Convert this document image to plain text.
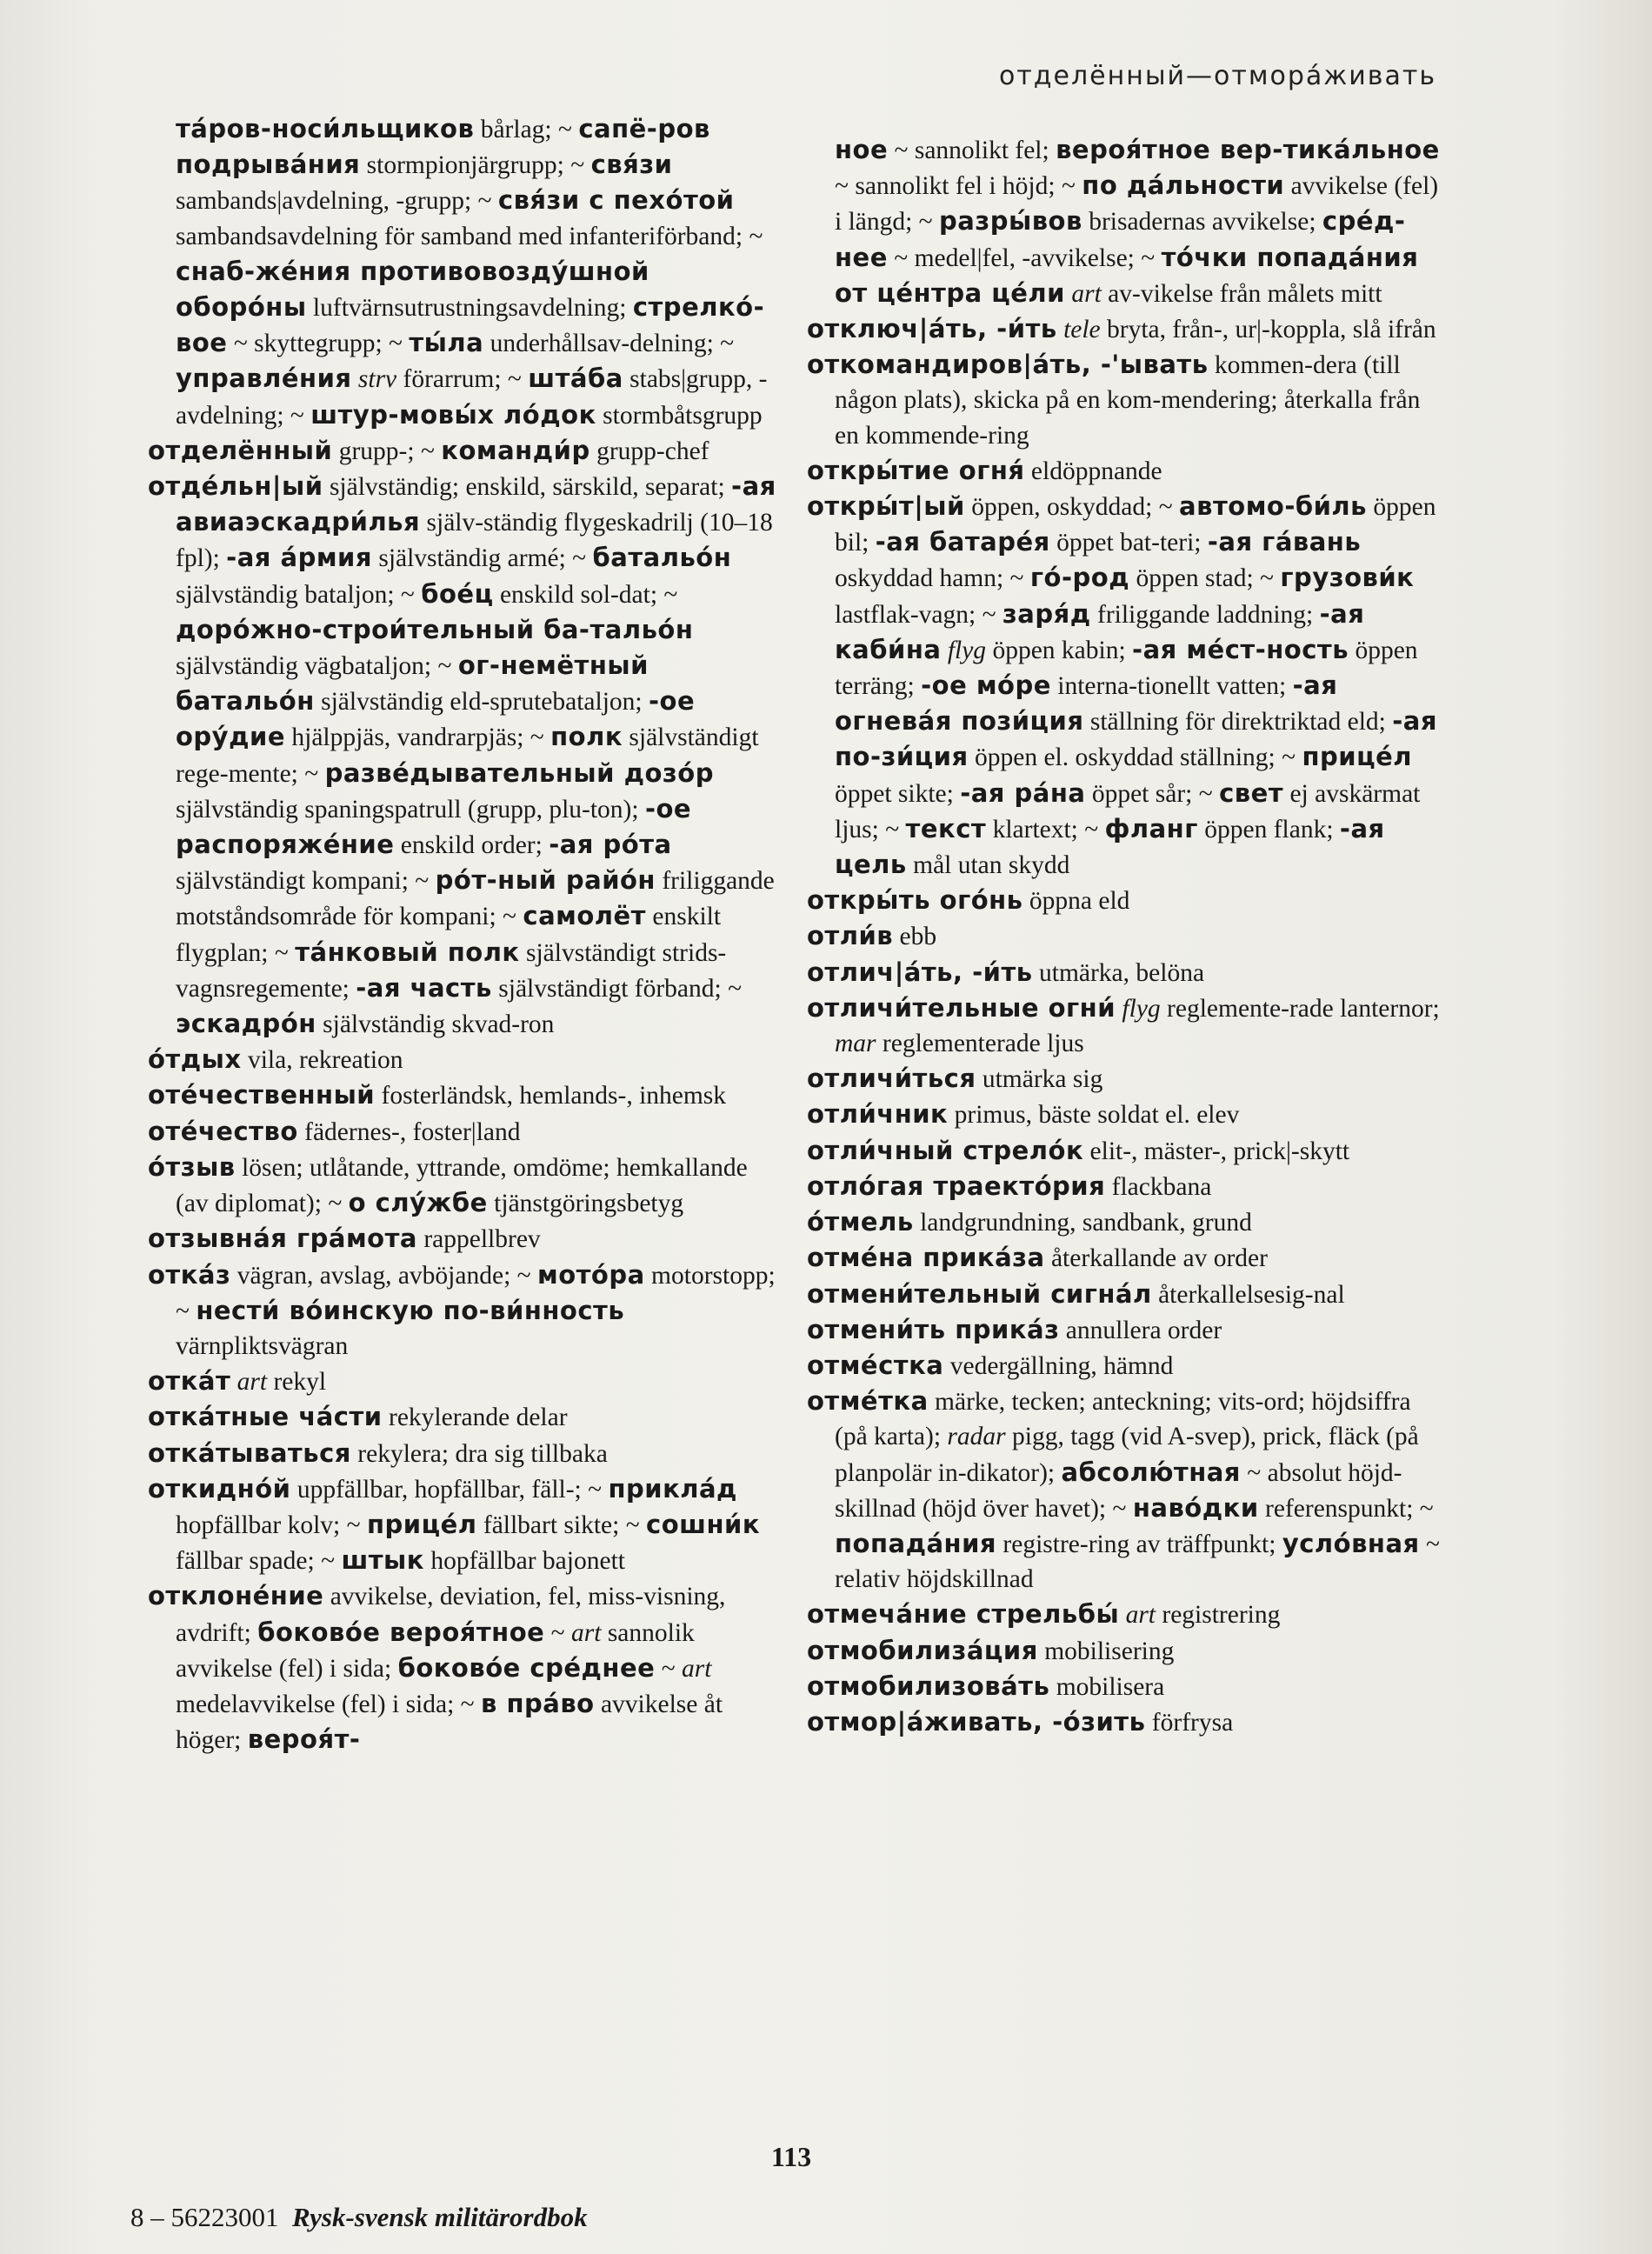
отделённый—отмора́живать

та́ров-носи́льщиков bårlag; ~ сапё-ров подрыва́ния stormpionjärgrupp; ~ свя́зи sambands|avdelning, -grupp; ~ свя́зи с пехо́той sambandsavdelning för samband med infanteriförband; ~ снаб-же́ния противовозду́шной оборо́ны luftvärnsutrustningsavdelning; стрелко́-вое ~ skyttegrupp; ~ ты́ла underhållsav-delning; ~ управле́ния strv förarrum; ~ шта́ба stabs|grupp, -avdelning; ~ штур-мовы́х ло́док stormbåtsgrupp

отделённый grupp-; ~ команди́р grupp-chef

отде́льн|ый självständig; enskild, särskild, separat; -ая авиаэскадри́лья själv-ständig flygeskadrilj (10–18 fpl); -ая а́рмия självständig armé; ~ батальо́н självständig bataljon; ~ бое́ц enskild sol-dat; ~ доро́жно-строи́тельный ба-тальо́н självständig vägbataljon; ~ ог-немётный батальо́н självständig eld-sprutebataljon; -ое ору́дие hjälppjäs, vandrarpjäs; ~ полк självständigt rege-mente; ~ разве́дывательный дозо́р självständig spaningspatrull (grupp, plu-ton); -ое распоряже́ние enskild order; -ая ро́та självständigt kompani; ~ ро́т-ный райо́н friliggande motståndsområde för kompani; ~ самолёт enskilt flygplan; ~ та́нковый полк självständigt strids-vagnsregemente; -ая часть självständigt förband; ~ эскадро́н självständig skvad-ron

о́тдых vila, rekreation

оте́чественный fosterländsk, hemlands-, inhemsk

оте́чество fädernes-, foster|land

о́тзыв lösen; utlåtande, yttrande, omdöme; hemkallande (av diplomat); ~ о слу́жбе tjänstgöringsbetyg

отзывна́я гра́мота rappellbrev

отка́з vägran, avslag, avböjande; ~ мото́ра motorstopp; ~ нести́ во́инскую по-ви́нность värnpliktsvägran

отка́т art rekyl

отка́тные ча́сти rekylerande delar

отка́тываться rekylera; dra sig tillbaka

откидно́й uppfällbar, hopfällbar, fäll-; ~ прикла́д hopfällbar kolv; ~ прице́л fällbart sikte; ~ сошни́к fällbar spade; ~ штык hopfällbar bajonett

отклоне́ние avvikelse, deviation, fel, miss-visning, avdrift; боково́е вероя́тное ~ art sannolik avvikelse (fel) i sida; боково́е сре́днее ~ art medelavvikelse (fel) i sida; ~ в пра́во avvikelse åt höger; вероя́т-

ное ~ sannolikt fel; вероя́тное вер-тика́льное ~ sannolikt fel i höjd; ~ по да́льности avvikelse (fel) i längd; ~ разры́вов brisadernas avvikelse; сре́д-нее ~ medel|fel, -avvikelse; ~ то́чки попада́ния от це́нтра це́ли art av-vikelse från målets mitt

отключ|а́ть, -и́ть tele bryta, från-, ur|-koppla, slå ifrån

откомандиров|а́ть, -'ывать kommen-dera (till någon plats), skicka på en kom-mendering; återkalla från en kommende-ring

откры́тие огня́ eldöppnande

откры́т|ый öppen, oskyddad; ~ автомо-би́ль öppen bil; -ая батаре́я öppet bat-teri; -ая га́вань oskyddad hamn; ~ го́-род öppen stad; ~ грузови́к lastflak-vagn; ~ заря́д friliggande laddning; -ая каби́на flyg öppen kabin; -ая ме́ст-ность öppen terräng; -ое мо́ре interna-tionellt vatten; -ая огнева́я пози́ция ställning för direktriktad eld; -ая по-зи́ция öppen el. oskyddad ställning; ~ прице́л öppet sikte; -ая ра́на öppet sår; ~ свет ej avskärmat ljus; ~ текст klartext; ~ фланг öppen flank; -ая цель mål utan skydd

откры́ть ого́нь öppna eld

отли́в ebb

отлич|а́ть, -и́ть utmärka, belöna

отличи́тельные огни́ flyg reglemente-rade lanternor; mar reglementerade ljus

отличи́ться utmärka sig

отли́чник primus, bäste soldat el. elev

отли́чный стрело́к elit-, mäster-, prick|-skytt

отло́гая траекто́рия flackbana

о́тмель landgrundning, sandbank, grund

отме́на прика́за återkallande av order

отмени́тельный сигна́л återkallelsesig-nal

отмени́ть прика́з annullera order

отме́стка vedergällning, hämnd

отме́тка märke, tecken; anteckning; vits-ord; höjdsiffra (på karta); radar pigg, tagg (vid A-svep), prick, fläck (på planpolär in-dikator); абсолю́тная ~ absolut höjd-skillnad (höjd över havet); ~ наво́дки referenspunkt; ~ попада́ния registre-ring av träffpunkt; усло́вная ~ relativ höjdskillnad

отмеча́ние стрельбы́ art registrering

отмобилиза́ция mobilisering

отмобилизова́ть mobilisera

отмор|а́живать, -о́зить förfrysa

113
8 – 56223001 Rysk-svensk militärordbok
